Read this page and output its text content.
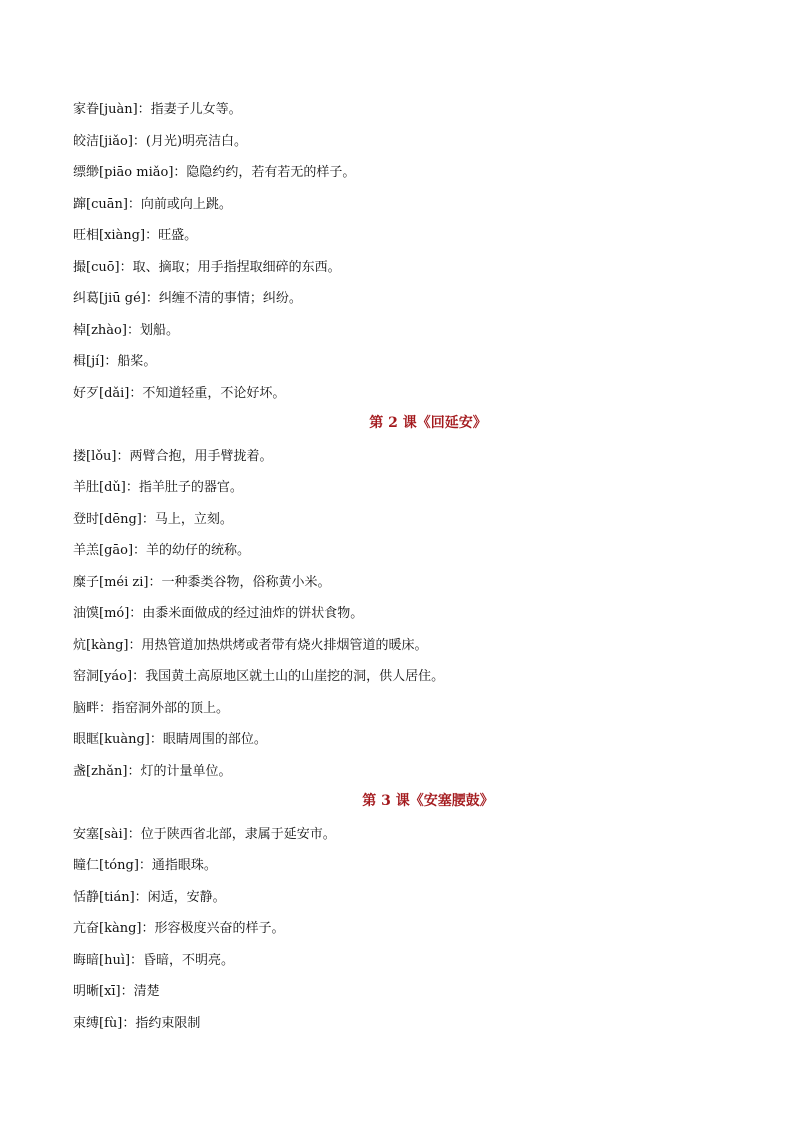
家眷[juàn]：指妻子儿女等。
皎洁[jiǎo]：(月光)明亮洁白。
缥缈[piāo miǎo]：隐隐约约，若有若无的样子。
蹿[cuān]：向前或向上跳。
旺相[xiàng]：旺盛。
撮[cuō]：取、摘取；用手指捏取细碎的东西。
纠葛[jiū gé]：纠缠不清的事情；纠纷。
棹[zhào]：划船。
楫[jí]：船桨。
好歹[dǎi]：不知道轻重，不论好坏。
第 2 课《回延安》
搂[lǒu]：两臂合抱，用手臂拢着。
羊肚[dǔ]：指羊肚子的器官。
登时[dēng]：马上，立刻。
羊羔[gāo]：羊的幼仔的统称。
糜子[méi zi]：一种黍类谷物，俗称黄小米。
油馍[mó]：由黍米面做成的经过油炸的饼状食物。
炕[kàng]：用热管道加热烘烤或者带有烧火排烟管道的暖床。
窑洞[yáo]：我国黄土高原地区就土山的山崖挖的洞，供人居住。
脑畔：指窑洞外部的顶上。
眼眶[kuàng]：眼睛周围的部位。
盏[zhǎn]：灯的计量单位。
第 3 课《安塞腰鼓》
安塞[sài]：位于陕西省北部，隶属于延安市。
瞳仁[tóng]：通指眼珠。
恬静[tián]：闲适，安静。
亢奋[kàng]：形容极度兴奋的样子。
晦暗[huì]：昏暗，不明亮。
明晰[xī]：清楚
束缚[fù]：指约束限制
